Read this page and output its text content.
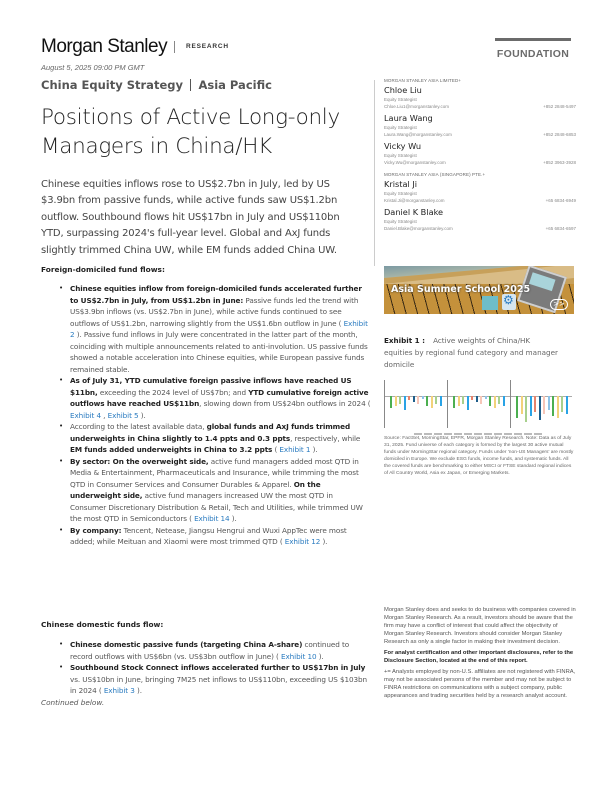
Morgan Stanley	RESEARCH
FOUNDATION
August 5, 2025 09:00 PM GMT
China Equity Strategy Asia Pacific
Positions of Active Long-only Managers in China/HK

Chinese equities inflows rose to US$2.7bn in July, led by US $3.9bn from passive funds, while active funds saw US$1.2bn outflow. Southbound flows hit US$17bn in July and US$110bn YTD, surpassing 2024's full-year level. Global and AxJ funds slightly trimmed China UW, while EM funds added China UW.

Foreign-domiciled fund flows:
• Chinese equities inflow from foreign-domiciled funds accelerated further to US$2.7bn in July, from US$1.2bn in June: Passive funds led the trend with US$3.9bn inflows (vs. US$2.7bn in June), while active funds continued to see outflows of US$1.2bn, narrowing slightly from the US$1.6bn outflow in June ( Exhibit 2 ). Passive fund inflows in July were concentrated in the latter part of the month, coinciding with multiple announcements related to anti-involution. US passive funds showed a notable acceleration into Chinese equities, while European passive funds remained stable.
• As of July 31, YTD cumulative foreign passive inflows have reached US $11bn, exceeding the 2024 level of US$7bn; and YTD cumulative foreign active outflows have reached US$11bn, slowing down from US$24bn outflows in 2024 ( Exhibit 4 , Exhibit 5 ).
• According to the latest available data, global funds and AxJ funds trimmed underweights in China slightly to 1.4 ppts and 0.3 ppts, respectively, while EM funds added underweights in China to 3.2 ppts ( Exhibit 1 ).
• By sector: On the overweight side, active fund managers added most QTD in Media & Entertainment, Pharmaceuticals and Insurance, while trimming the most QTD in Consumer Services and Consumer Durables & Apparel. On the underweight side, active fund managers increased UW the most QTD in Consumer Discretionary Distribution & Retail, Tech and Utilities, while trimmed UW the most QTD in Semiconductors ( Exhibit 14 ).
• By company: Tencent, Netease, Jiangsu Hengrui and Wuxi AppTec were most added; while Meituan and Xiaomi were most trimmed QTD ( Exhibit 12 ).
Chinese domestic funds flow:
• Chinese domestic passive funds (targeting China A-share) continued to record outflows with US$6bn (vs. US$3bn outflow in June) ( Exhibit 10 ).
• Southbound Stock Connect inflows accelerated further to US$17bn in July vs. US$10bn in June, bringing 7M25 net inflows to US$110bn, exceeding US $103bn in 2024 ( Exhibit 3 ).
Continued below.
MORGAN STANLEY ASIA LIMITED+
Chloe Liu
Equity Strategist
Chloe.Liu1@morganstanley.com	+852 2848-5497
Laura Wang
Equity Strategist
Laura.Wang@morganstanley.com	+852 2848-6853
Vicky Wu
Equity Strategist
Vicky.Wu@morganstanley.com	+852 3963-3928
MORGAN STANLEY ASIA (SINGAPORE) PTE.+
Kristal Ji
Equity Strategist
Kristal.Ji@morganstanley.com	+65 6834-6949
Daniel K Blake
Equity Strategist
Daniel.Blake@morganstanley.com	+65 6834-6597
⚙
>>
Asia Summer School 2025
Exhibit 1 : Active weights of China/HK equities by regional fund category and manager domicile
Source: FactSet, MorningStar, EPFR, Morgan Stanley Research. Note: Data as of July 31, 2025. Fund universe of each category is formed by the largest 30 active mutual funds under MorningStar regional category. Funds under 'non-US Managers' are mostly domiciled in Europe. We exclude ESG funds, income funds, and systematic funds. All the covered funds are benchmarking to either MSCI or FTSE standard regional indices of All Country World, Asia ex Japan, or Emerging Markets.

Morgan Stanley does and seeks to do business with companies covered in Morgan Stanley Research. As a result, investors should be aware that the firm may have a conflict of interest that could affect the objectivity of Morgan Stanley Research. Investors should consider Morgan Stanley Research as only a single factor in making their investment decision.

For analyst certification and other important disclosures, refer to the Disclosure Section, located at the end of this report.

+= Analysts employed by non-U.S. affiliates are not registered with FINRA, may not be associated persons of the member and may not be subject to FINRA restrictions on communications with a subject company, public appearances and trading securities held by a research analyst account.
